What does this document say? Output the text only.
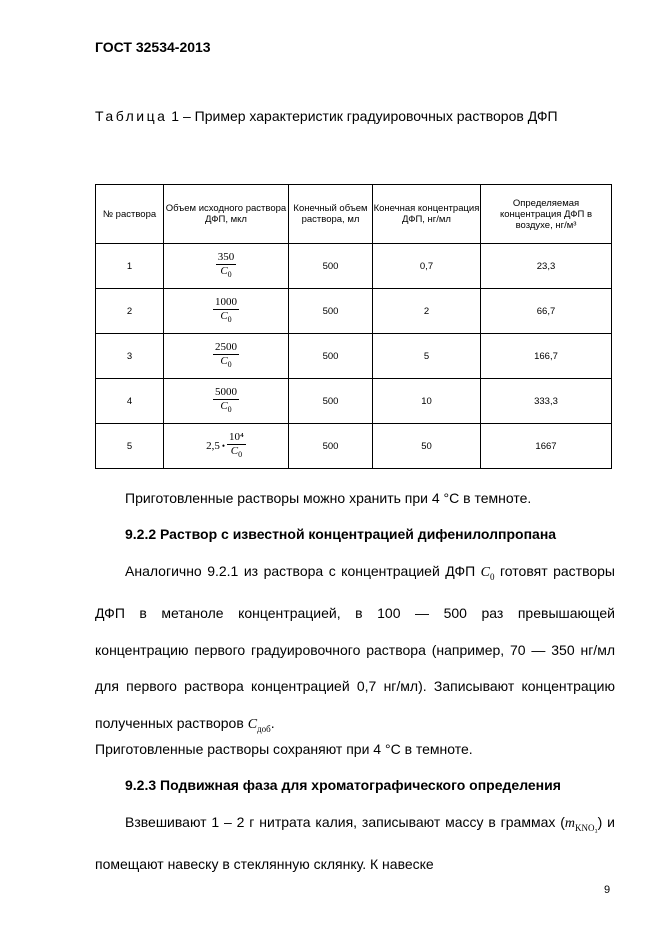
ГОСТ 32534-2013
Таблица 1 – Пример характеристик градуировочных растворов ДФП
№ раствора	Объем исходного раствора ДФП, мкл	Конечный объем раствора, мл	Конечная концентрация ДФП, нг/мл	Определяемая концентрация ДФП в воздухе, нг/м³
1	$\frac{350}{C_0}$	500	0,7	23,3
2	$\frac{1000}{C_0}$	500	2	66,7
3	$\frac{2500}{C_0}$	500	5	166,7
4	$\frac{5000}{C_0}$	500	10	333,3
5	2,5 • $\frac{\text{10⁴}}{C_0}$	500	50	1667
Приготовленные растворы можно хранить при 4 °С в темноте.
9.2.2 Раствор с известной концентрацией дифенилолпропана
Аналогично 9.2.1 из раствора с концентрацией ДФП $C_0$ готовят растворы ДФП в метаноле концентрацией, в 100 — 500 раз превышающей концентрацию первого градуировочного раствора (например, 70 — 350 нг/мл для первого раствора концентрацией 0,7 нг/мл). Записывают концентрацию полученных растворов $C_{доб}$.
Приготовленные растворы сохраняют при 4 °С в темноте.
9.2.3 Подвижная фаза для хроматографического определения
Взвешивают 1 – 2 г нитрата калия, записывают массу в граммах $(m_{KNO_3})$ и помещают навеску в стеклянную склянку. К навеске
9
